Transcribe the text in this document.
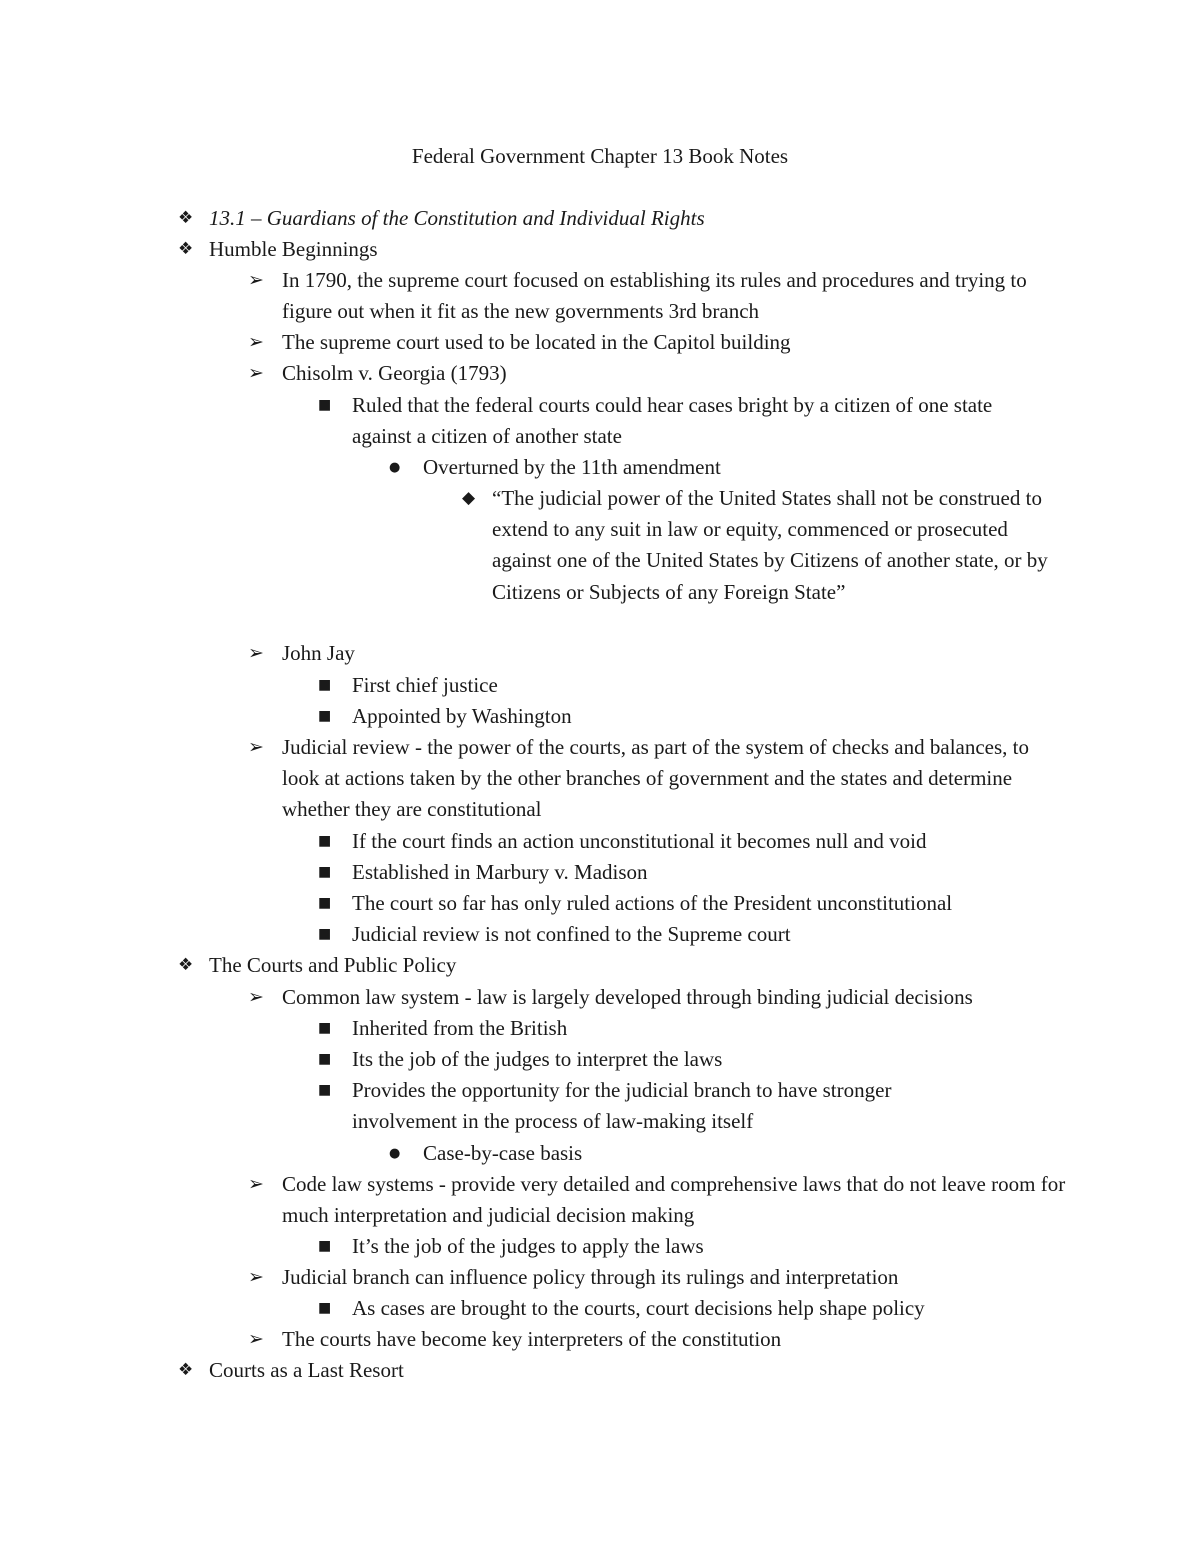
Federal Government Chapter 13 Book Notes
❖ 13.1 – Guardians of the Constitution and Individual Rights
❖ Humble Beginnings
➢ In 1790, the supreme court focused on establishing its rules and procedures and trying to figure out when it fit as the new governments 3rd branch
➢ The supreme court used to be located in the Capitol building
➢ Chisolm v. Georgia (1793)
■ Ruled that the federal courts could hear cases bright by a citizen of one state against a citizen of another state
●	Overturned by the 11th amendment
◆ “The judicial power of the United States shall not be construed to extend to any suit in law or equity, commenced or prosecuted against one of the United States by Citizens of another state, or by Citizens or Subjects of any Foreign State”
➢ John Jay
■ First chief justice
■ Appointed by Washington
➢ Judicial review - the power of the courts, as part of the system of checks and balances, to look at actions taken by the other branches of government and the states and determine whether they are constitutional
■ If the court finds an action unconstitutional it becomes null and void
■ Established in Marbury v. Madison
■ The court so far has only ruled actions of the President unconstitutional
■ Judicial review is not confined to the Supreme court
❖ The Courts and Public Policy
➢ Common law system - law is largely developed through binding judicial decisions
■ Inherited from the British
■ Its the job of the judges to interpret the laws
■ Provides the opportunity for the judicial branch to have stronger involvement in the process of law-making itself
●	Case-by-case basis
➢ Code law systems - provide very detailed and comprehensive laws that do not leave room for much interpretation and judicial decision making
■ It’s the job of the judges to apply the laws
➢ Judicial branch can influence policy through its rulings and interpretation
■ As cases are brought to the courts, court decisions help shape policy
➢ The courts have become key interpreters of the constitution
❖ Courts as a Last Resort
